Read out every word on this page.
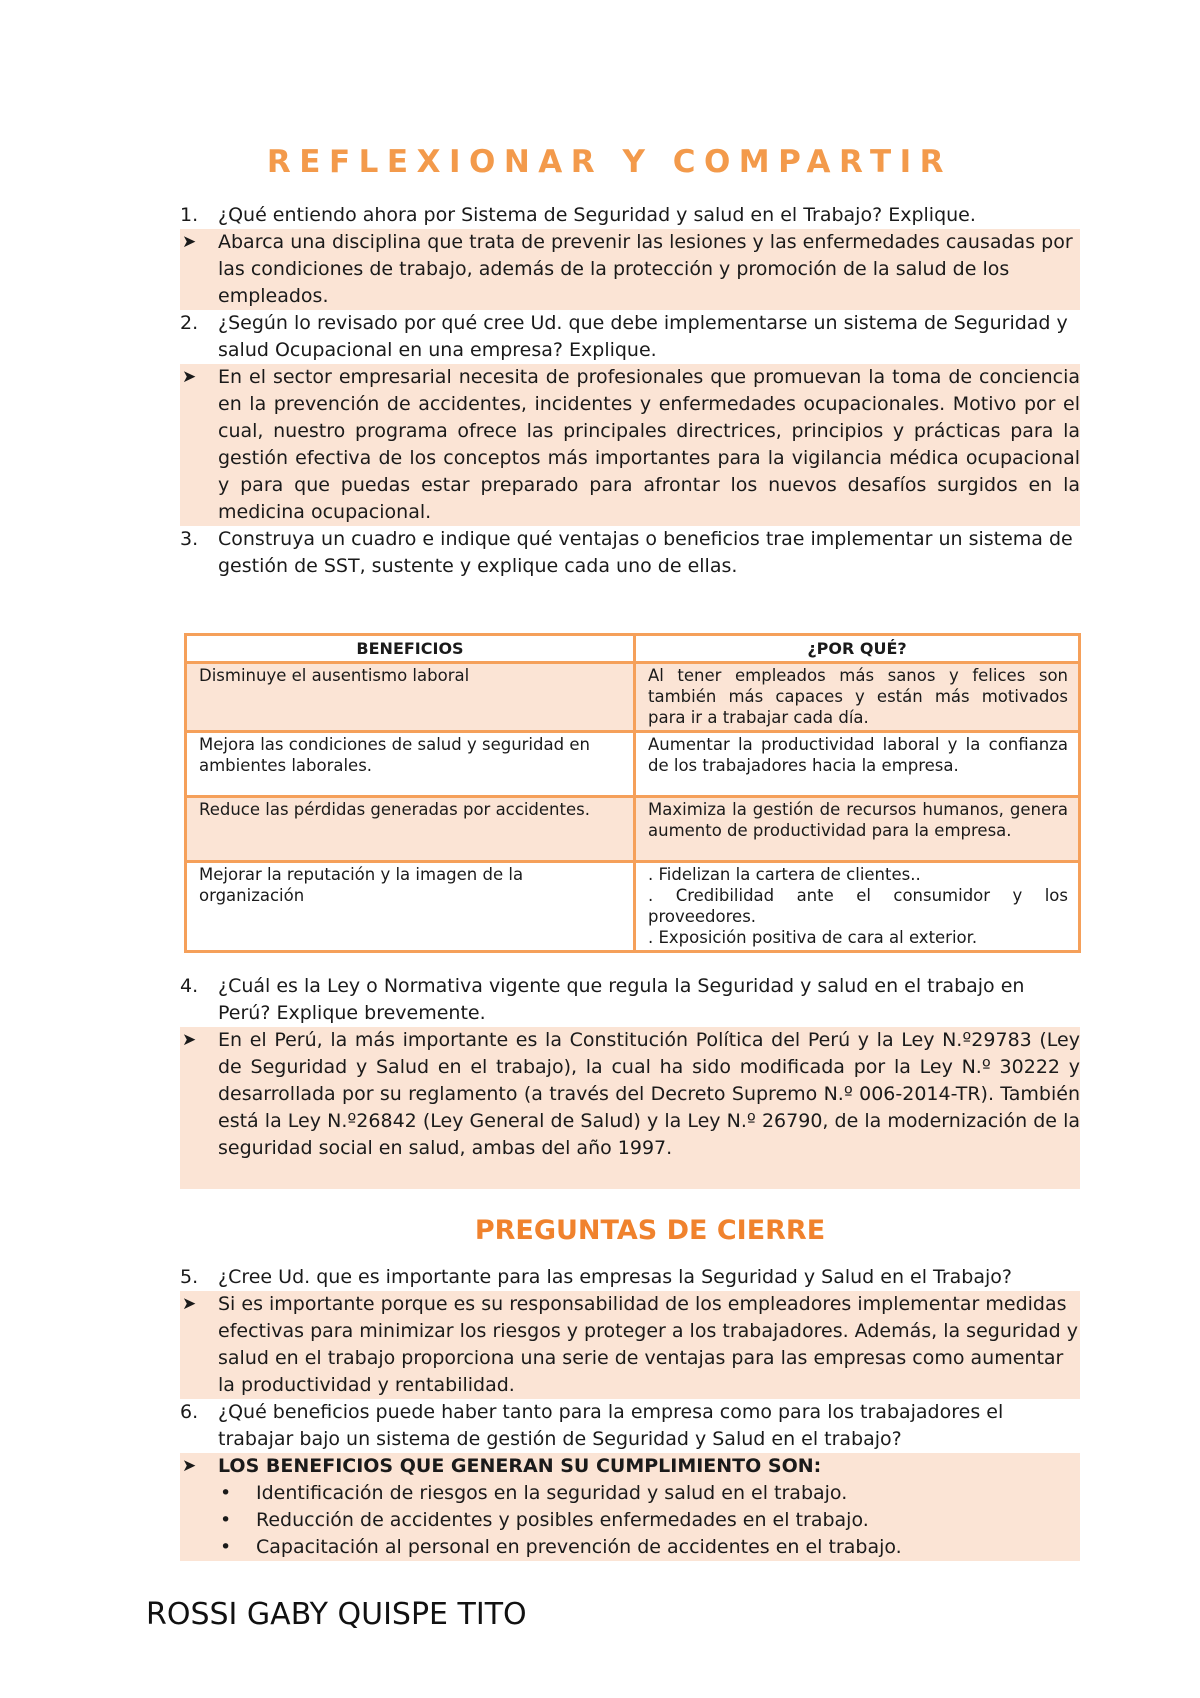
REFLEXIONAR Y COMPARTIR
1. ¿Qué entiendo ahora por Sistema de Seguridad y salud en el Trabajo? Explique.
➤ Abarca una disciplina que trata de prevenir las lesiones y las enfermedades causadas por las condiciones de trabajo, además de la protección y promoción de la salud de los empleados.
2. ¿Según lo revisado por qué cree Ud. que debe implementarse un sistema de Seguridad y salud Ocupacional en una empresa? Explique.
➤ En el sector empresarial necesita de profesionales que promuevan la toma de conciencia en la prevención de accidentes, incidentes y enfermedades ocupacionales. Motivo por el cual, nuestro programa ofrece las principales directrices, principios y prácticas para la gestión efectiva de los conceptos más importantes para la vigilancia médica ocupacional y para que puedas estar preparado para afrontar los nuevos desafíos surgidos en la medicina ocupacional.
3. Construya un cuadro e indique qué ventajas o beneficios trae implementar un sistema de gestión de SST, sustente y explique cada uno de ellas.
BENEFICIOS	¿POR QUÉ?
Disminuye el ausentismo laboral	Al tener empleados más sanos y felices son también más capaces y están más motivados para ir a trabajar cada día.
Mejora las condiciones de salud y seguridad en ambientes laborales.	Aumentar la productividad laboral y la confianza de los trabajadores hacia la empresa.
Reduce las pérdidas generadas por accidentes.	Maximiza la gestión de recursos humanos, genera aumento de productividad para la empresa.
Mejorar la reputación y la imagen de la organización	. Fidelizan la cartera de clientes..
. Credibilidad ante el consumidor y los proveedores.
. Exposición positiva de cara al exterior.
4. ¿Cuál es la Ley o Normativa vigente que regula la Seguridad y salud en el trabajo en Perú? Explique brevemente.
➤ En el Perú, la más importante es la Constitución Política del Perú y la Ley N.º29783 (Ley de Seguridad y Salud en el trabajo), la cual ha sido modificada por la Ley N.º 30222 y desarrollada por su reglamento (a través del Decreto Supremo N.º 006-2014-TR). También está la Ley N.º26842 (Ley General de Salud) y la Ley N.º 26790, de la modernización de la seguridad social en salud, ambas del año 1997.
PREGUNTAS DE CIERRE
5. ¿Cree Ud. que es importante para las empresas la Seguridad y Salud en el Trabajo?
➤ Si es importante porque es su responsabilidad de los empleadores implementar medidas efectivas para minimizar los riesgos y proteger a los trabajadores. Además, la seguridad y salud en el trabajo proporciona una serie de ventajas para las empresas como aumentar la productividad y rentabilidad.
6. ¿Qué beneficios puede haber tanto para la empresa como para los trabajadores el trabajar bajo un sistema de gestión de Seguridad y Salud en el trabajo?
➤ LOS BENEFICIOS QUE GENERAN SU CUMPLIMIENTO SON:
• Identificación de riesgos en la seguridad y salud en el trabajo.
• Reducción de accidentes y posibles enfermedades en el trabajo.
• Capacitación al personal en prevención de accidentes en el trabajo.
ROSSI GABY QUISPE TITO
